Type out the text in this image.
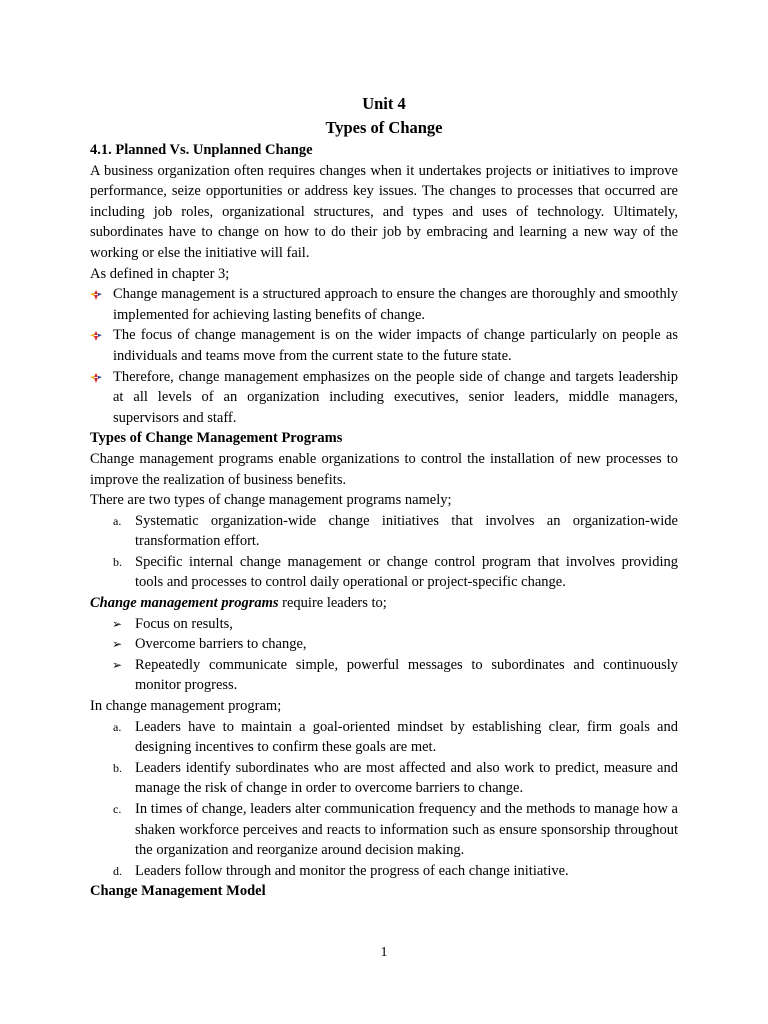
Unit 4
Types of Change
4.1. Planned Vs. Unplanned Change

A business organization often requires changes when it undertakes projects or initiatives to improve performance, seize opportunities or address key issues. The changes to processes that occurred are including job roles, organizational structures, and types and uses of technology. Ultimately, subordinates have to change on how to do their job by embracing and learning a new way of the working or else the initiative will fail.

As defined in chapter 3;

Change management is a structured approach to ensure the changes are thoroughly and smoothly implemented for achieving lasting benefits of change.
The focus of change management is on the wider impacts of change particularly on people as individuals and teams move from the current state to the future state.
Therefore, change management emphasizes on the people side of change and targets leadership at all levels of an organization including executives, senior leaders, middle managers, supervisors and staff.
Types of Change Management Programs

Change management programs enable organizations to control the installation of new processes to improve the realization of business benefits.

There are two types of change management programs namely;

a. Systematic organization-wide change initiatives that involves an organization-wide transformation effort.
b. Specific internal change management or change control program that involves providing tools and processes to control daily operational or project-specific change.

Change management programs require leaders to;

➢ Focus on results,
➢ Overcome barriers to change,
➢ Repeatedly communicate simple, powerful messages to subordinates and continuously monitor progress.

In change management program;

a. Leaders have to maintain a goal-oriented mindset by establishing clear, firm goals and designing incentives to confirm these goals are met.
b. Leaders identify subordinates who are most affected and also work to predict, measure and manage the risk of change in order to overcome barriers to change.
c. In times of change, leaders alter communication frequency and the methods to manage how a shaken workforce perceives and reacts to information such as ensure sponsorship throughout the organization and reorganize around decision making.
d. Leaders follow through and monitor the progress of each change initiative.
Change Management Model
1
